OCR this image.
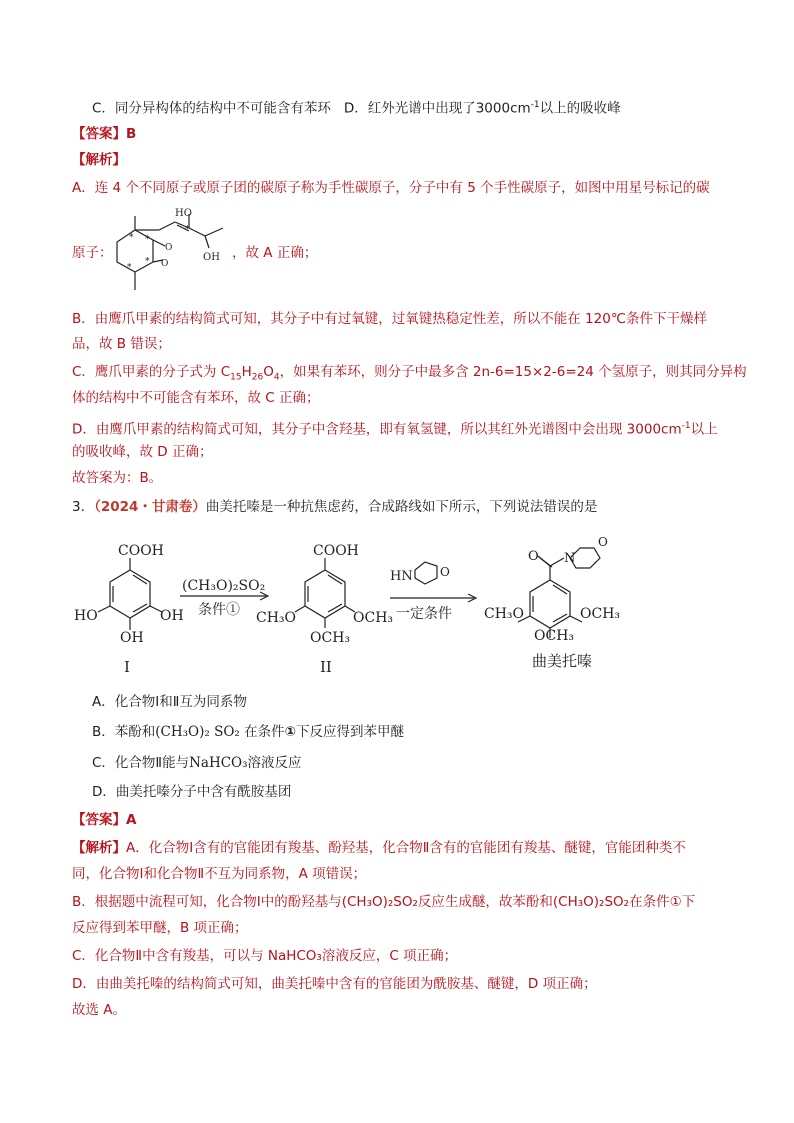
C．同分异构体的结构中不可能含有苯环 D．红外光谱中出现了$3000cm^{-1}$以上的吸收峰
【答案】B
【解析】
A．连 4 个不同原子或原子团的碳原子称为手性碳原子，分子中有 5 个手性碳原子，如图中用星号标记的碳
原子：
HO
OH
O
O
*
*
*
*
*
，故 A 正确；
B．由鹰爪甲素的结构简式可知，其分子中有过氧键，过氧键热稳定性差，所以不能在 120℃条件下干燥样
品，故 B 错误；
C．鹰爪甲素的分子式为 $C_{15}H_{26}O_4$，如果有苯环，则分子中最多含 2n-6=15×2-6=24 个氢原子，则其同分异构
体的结构中不可能含有苯环，故 C 正确；
D．由鹰爪甲素的结构简式可知，其分子中含羟基，即有氧氢键，所以其红外光谱图中会出现 $3000cm^{-1}$以上
的吸收峰，故 D 正确；
故答案为：B。
3．（2024・甘肃卷）曲美托嗪是一种抗焦虑药，合成路线如下所示，下列说法错误的是
COOH
HO	OH
OH
I
(CH₃O)₂SO₂
条件①
COOH
CH₃O	OCH₃
OCH₃
II
HN O
一定条件
O N
O
CH₃O	OCH₃
OCH₃
曲美托嗪
A．化合物Ⅰ和Ⅱ互为同系物
B．苯酚和(CH₃O)₂ SO₂ 在条件①下反应得到苯甲醚
C．化合物Ⅱ能与NaHCO₃溶液反应
D．曲美托嗪分子中含有酰胺基团
【答案】A
【解析】A．化合物Ⅰ含有的官能团有羧基、酚羟基，化合物Ⅱ含有的官能团有羧基、醚键，官能团种类不
同，化合物Ⅰ和化合物Ⅱ不互为同系物，A 项错误；
B．根据题中流程可知，化合物Ⅰ中的酚羟基与(CH₃O)₂SO₂反应生成醚，故苯酚和(CH₃O)₂SO₂在条件①下
反应得到苯甲醚，B 项正确；
C．化合物Ⅱ中含有羧基，可以与 NaHCO₃溶液反应，C 项正确；
D．由曲美托嗪的结构简式可知，曲美托嗪中含有的官能团为酰胺基、醚键，D 项正确；
故选 A。
